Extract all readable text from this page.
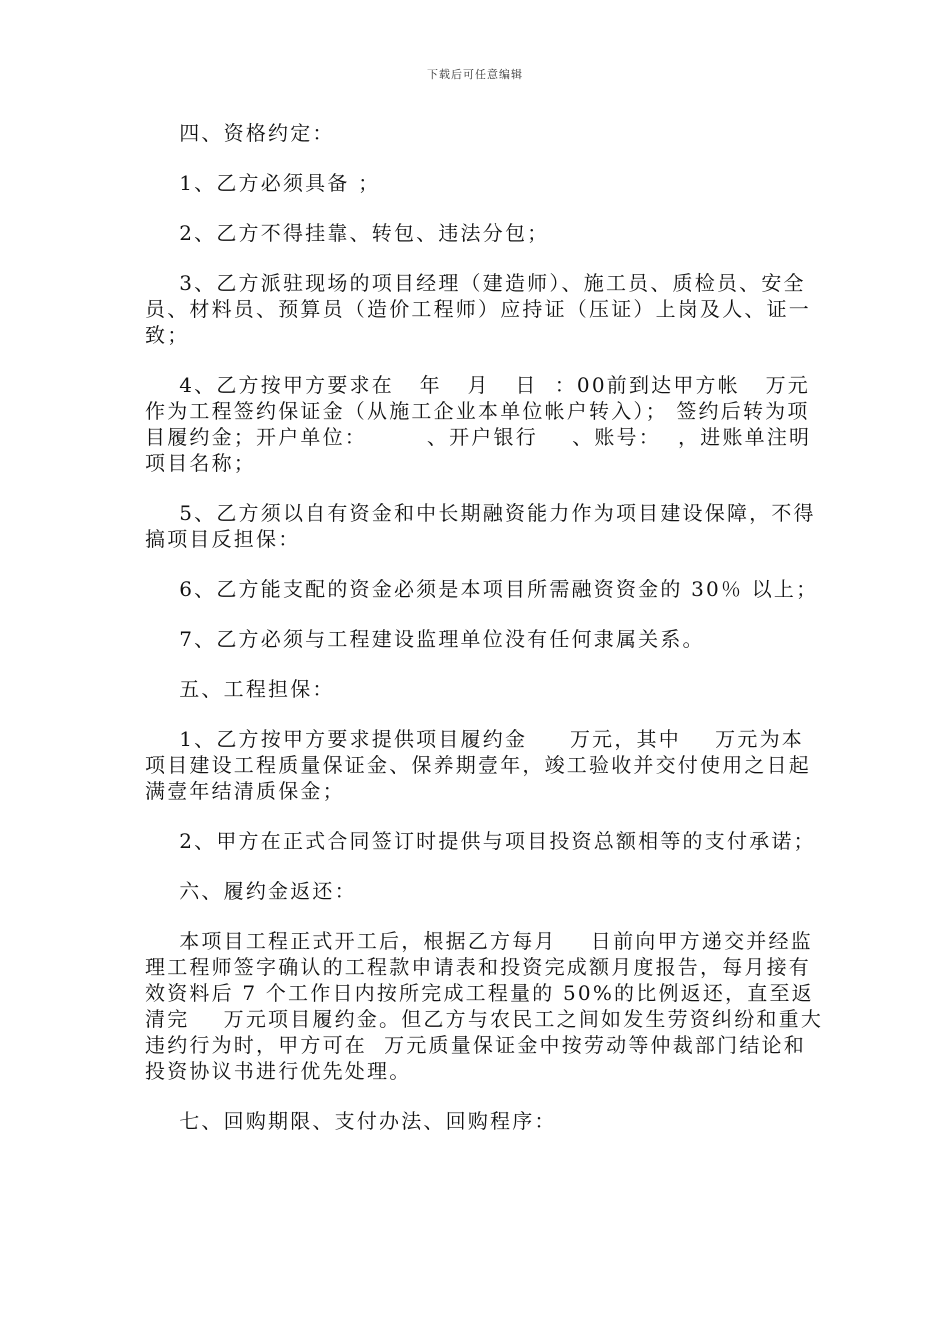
下载后可任意编辑

四、资格约定：

1、乙方必须具备 ；

2、乙方不得挂靠、转包、违法分包；

3、乙方派驻现场的项目经理（建造师）、施工员、质检员、安全员、材料员、预算员（造价工程师）应持证（压证）上岗及人、证一致；

4、乙方按甲方要求在   年   月   日  ：00前到达甲方帐   万元作为工程签约保证金（从施工企业本单位帐户转入）； 签约后转为项目履约金；开户单位：       、开户银行    、账号：  ，进账单注明项目名称；

5、乙方须以自有资金和中长期融资能力作为项目建设保障，不得搞项目反担保：

6、乙方能支配的资金必须是本项目所需融资资金的 30％ 以上；

7、乙方必须与工程建设监理单位没有任何隶属关系。

五、工程担保：

1、乙方按甲方要求提供项目履约金     万元，其中    万元为本项目建设工程质量保证金、保养期壹年，竣工验收并交付使用之日起满壹年结清质保金；

2、甲方在正式合同签订时提供与项目投资总额相等的支付承诺；

六、履约金返还：

本项目工程正式开工后，根据乙方每月    日前向甲方递交并经监理工程师签字确认的工程款申请表和投资完成额月度报告，每月接有效资料后 7 个工作日内按所完成工程量的 50%的比例返还，直至返清完    万元项目履约金。但乙方与农民工之间如发生劳资纠纷和重大违约行为时，甲方可在  万元质量保证金中按劳动等仲裁部门结论和投资协议书进行优先处理。

七、回购期限、支付办法、回购程序：
